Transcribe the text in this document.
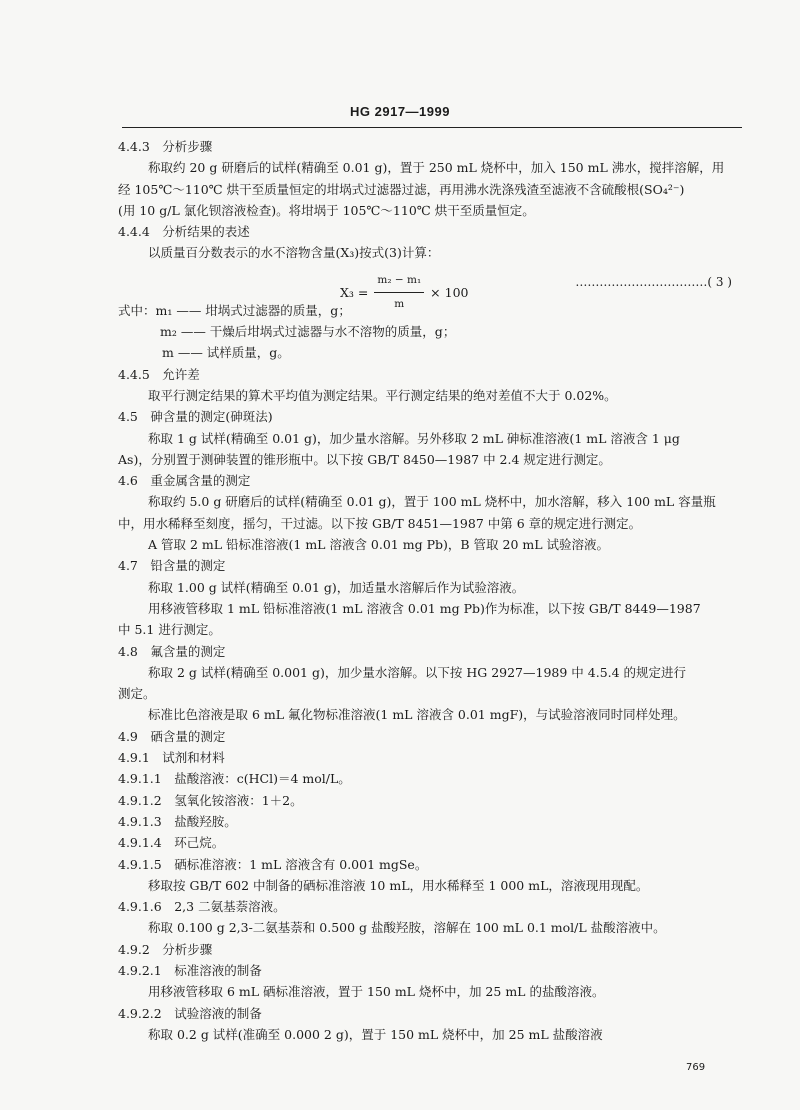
HG 2917—1999
4.4.3　分析步骤
称取约 20 g 研磨后的试样(精确至 0.01 g)，置于 250 mL 烧杯中，加入 150 mL 沸水，搅拌溶解，用
经 105℃～110℃ 烘干至质量恒定的坩埚式过滤器过滤，再用沸水洗涤残渣至滤液不含硫酸根(SO₄²⁻)
(用 10 g/L 氯化钡溶液检查)。将坩埚于 105℃～110℃ 烘干至质量恒定。
4.4.4　分析结果的表述
以质量百分数表示的水不溶物含量(X₃)按式(3)计算：
$X_3 = \frac{\text{m₂ − m₁}}{m} \times 100$
……………………………( 3 )
式中：m₁ —— 坩埚式过滤器的质量，g；
m₂ —— 干燥后坩埚式过滤器与水不溶物的质量，g；
m —— 试样质量，g。
4.4.5　允许差
取平行测定结果的算术平均值为测定结果。平行测定结果的绝对差值不大于 0.02%。
4.5　砷含量的测定(砷斑法)
称取 1 g 试样(精确至 0.01 g)，加少量水溶解。另外移取 2 mL 砷标准溶液(1 mL 溶液含 1 μg
As)，分别置于测砷装置的锥形瓶中。以下按 GB/T 8450—1987 中 2.4 规定进行测定。
4.6　重金属含量的测定
称取约 5.0 g 研磨后的试样(精确至 0.01 g)，置于 100 mL 烧杯中，加水溶解，移入 100 mL 容量瓶
中，用水稀释至刻度，摇匀，干过滤。以下按 GB/T 8451—1987 中第 6 章的规定进行测定。
A 管取 2 mL 铅标准溶液(1 mL 溶液含 0.01 mg Pb)，B 管取 20 mL 试验溶液。
4.7　铅含量的测定
称取 1.00 g 试样(精确至 0.01 g)，加适量水溶解后作为试验溶液。
用移液管移取 1 mL 铅标准溶液(1 mL 溶液含 0.01 mg Pb)作为标准，以下按 GB/T 8449—1987
中 5.1 进行测定。
4.8　氟含量的测定
称取 2 g 试样(精确至 0.001 g)，加少量水溶解。以下按 HG 2927—1989 中 4.5.4 的规定进行
测定。
标准比色溶液是取 6 mL 氟化物标准溶液(1 mL 溶液含 0.01 mgF)，与试验溶液同时同样处理。
4.9　硒含量的测定
4.9.1　试剂和材料
4.9.1.1　盐酸溶液：c(HCl)＝4 mol/L。
4.9.1.2　氢氧化铵溶液：1＋2。
4.9.1.3　盐酸羟胺。
4.9.1.4　环己烷。
4.9.1.5　硒标准溶液：1 mL 溶液含有 0.001 mgSe。
移取按 GB/T 602 中制备的硒标准溶液 10 mL，用水稀释至 1 000 mL，溶液现用现配。
4.9.1.6　2,3 二氨基萘溶液。
称取 0.100 g 2,3-二氨基萘和 0.500 g 盐酸羟胺，溶解在 100 mL 0.1 mol/L 盐酸溶液中。
4.9.2　分析步骤
4.9.2.1　标准溶液的制备
用移液管移取 6 mL 硒标准溶液，置于 150 mL 烧杯中，加 25 mL 的盐酸溶液。
4.9.2.2　试验溶液的制备
称取 0.2 g 试样(准确至 0.000 2 g)，置于 150 mL 烧杯中，加 25 mL 盐酸溶液
769
